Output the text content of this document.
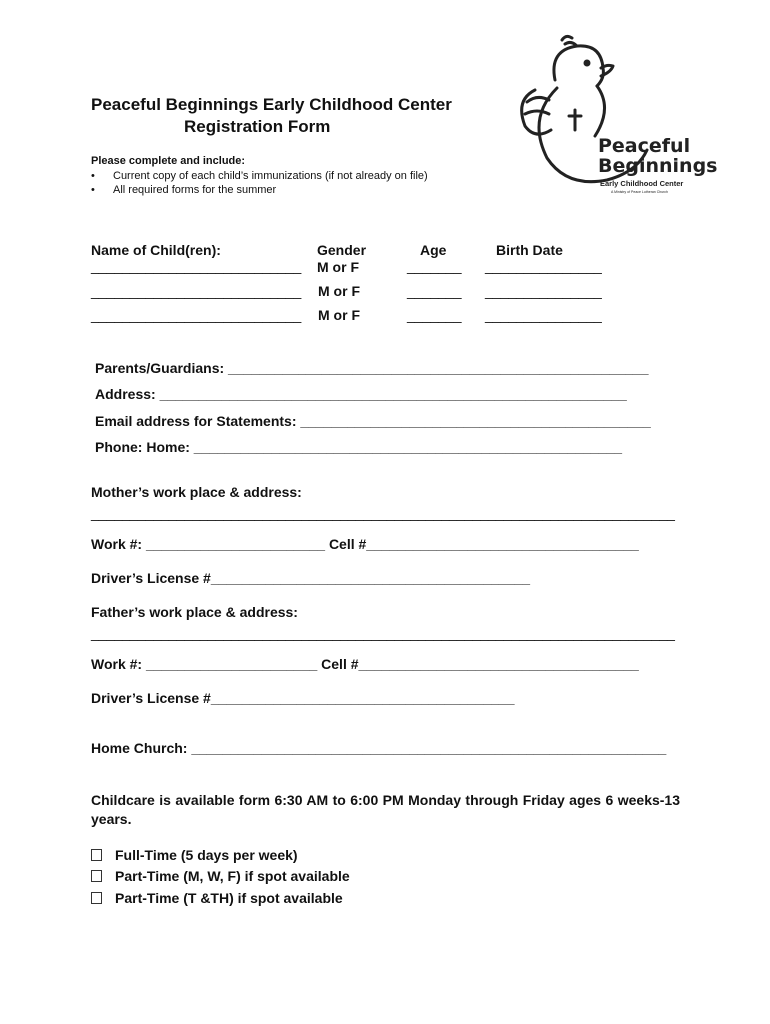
Peaceful
Beginnings
Early Childhood Center
A Ministry of Peace Lutheran Church
Peaceful Beginnings Early Childhood Center
Registration Form
Please complete and include:
• Current copy of each child’s immunizations (if not already on file)
• All required forms for the summer
Name of Child(ren):	Gender	Age	Birth Date
___________________________ M or F	_______ _______________
___________________________ M or F	_______ _______________
___________________________ M or F	_______ _______________
Parents/Guardians: ______________________________________________________
Address: ____________________________________________________________
Email address for Statements: _____________________________________________
Phone: Home: _______________________________________________________
Mother’s work place & address:
___________________________________________________________________________
Work #: _______________________ Cell #___________________________________
Driver’s License #_________________________________________
Father’s work place & address:
___________________________________________________________________________
Work #: ______________________ Cell #____________________________________
Driver’s License #_______________________________________
Home Church: _____________________________________________________________
Childcare is available form 6:30 AM to 6:00 PM Monday through Friday ages 6 weeks-13 years.
Full-Time (5 days per week)
Part-Time (M, W, F) if spot available
Part-Time (T &TH) if spot available
